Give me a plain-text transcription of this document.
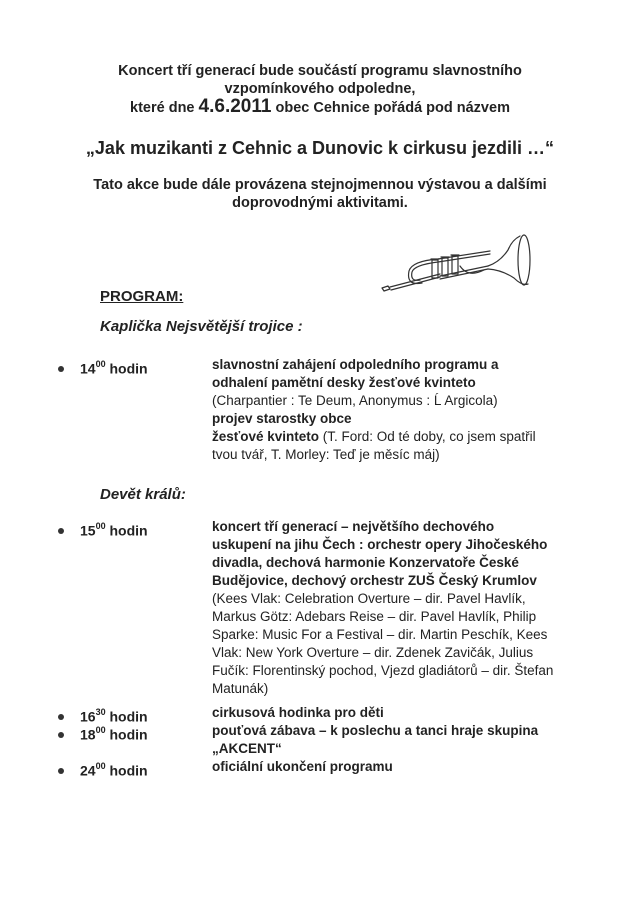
Koncert tří generací bude součástí programu slavnostního
vzpomínkového odpoledne,
které dne 4.6.2011 obec Cehnice pořádá pod názvem
„Jak muzikanti z Cehnic a Dunovic k cirkusu jezdili …“
Tato akce bude dále provázena stejnojmennou výstavou a dalšími
doprovodnými aktivitami.
PROGRAM:
Kaplička Nejsvětější trojice :
$14^{00}$ hodin	slavnostní zahájení odpoledního programu a
odhalení pamětní desky žesťové kvinteto
(Charpantier : Te Deum, Anonymus : Ĺ Argicola)
projev starostky obce
žesťové kvinteto (T. Ford: Od té doby, co jsem spatřil
tvou tvář, T. Morley: Teď je měsíc máj)
Devět králů:
$15^{00}$ hodin	koncert tří generací – největšího dechového
uskupení na jihu Čech : orchestr opery Jihočeského
divadla, dechová harmonie Konzervatoře České
Budějovice, dechový orchestr ZUŠ Český Krumlov
(Kees Vlak: Celebration Overture – dir. Pavel Havlík,
Markus Götz: Adebars Reise – dir. Pavel Havlík, Philip
Sparke: Music For a Festival – dir. Martin Peschík, Kees
Vlak: New York Overture – dir. Zdenek Zavičák, Julius
Fučík: Florentinský pochod, Vjezd gladiátorů – dir. Štefan
Matunák)
$16^{30}$ hodin	cirkusová hodinka pro děti
$18^{00}$ hodin	pouťová zábava – k poslechu a tanci hraje skupina
„AKCENT“
$24^{00}$ hodin	oficiální ukončení programu
